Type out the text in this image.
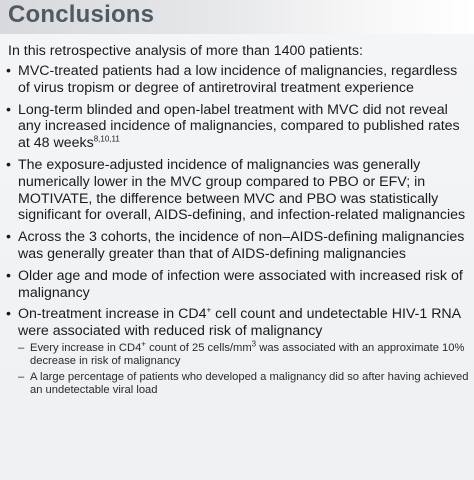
Conclusions
In this retrospective analysis of more than 1400 patients:
• MVC-treated patients had a low incidence of malignancies, regardless of virus tropism or degree of antiretroviral treatment experience
• Long-term blinded and open-label treatment with MVC did not reveal any increased incidence of malignancies, compared to published rates at 48 weeks$^{8,10,11}$
• The exposure-adjusted incidence of malignancies was generally numerically lower in the MVC group compared to PBO or EFV; in MOTIVATE, the difference between MVC and PBO was statistically significant for overall, AIDS-defining, and infection-related malignancies
• Across the 3 cohorts, the incidence of non–AIDS-defining malignancies was generally greater than that of AIDS-defining malignancies
• Older age and mode of infection were associated with increased risk of malignancy
• On-treatment increase in CD4+ cell count and undetectable HIV-1 RNA were associated with reduced risk of malignancy
– Every increase in CD4+ count of 25 cells/$mm^3$ was associated with an approximate 10% decrease in risk of malignancy
– A large percentage of patients who developed a malignancy did so after having achieved an undetectable viral load
